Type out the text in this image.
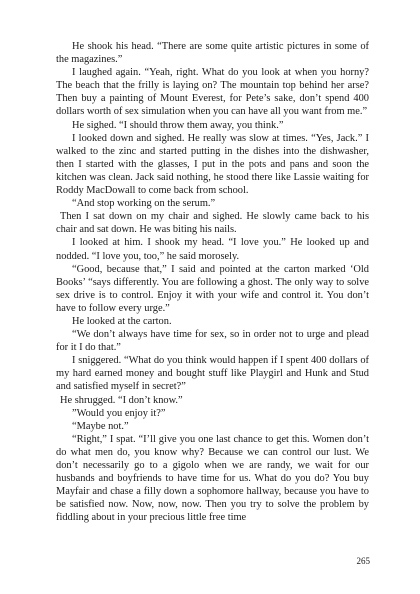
He shook his head. “There are some quite artistic pictures in some of the magazines.”

I laughed again. “Yeah, right. What do you look at when you horny? The beach that the frilly is laying on? The mountain top behind her arse? Then buy a painting of Mount Everest, for Pete’s sake, don’t spend 400 dollars worth of sex simulation when you can have all you want from me.”

He sighed. “I should throw them away, you think.”

I looked down and sighed. He really was slow at times. “Yes, Jack.” I walked to the zinc and started putting in the dishes into the dishwasher, then I started with the glasses, I put in the pots and pans and soon the kitchen was clean. Jack said nothing, he stood there like Lassie waiting for Roddy MacDowall to come back from school.

“And stop working on the serum.”

Then I sat down on my chair and sighed. He slowly came back to his chair and sat down. He was biting his nails.

I looked at him. I shook my head. “I love you.” He looked up and nodded. “I love you, too,” he said morosely.

“Good, because that,” I said and pointed at the carton marked ‘Old Books’ “says differently. You are following a ghost. The only way to solve sex drive is to control. Enjoy it with your wife and control it. You don’t have to follow every urge.”

He looked at the carton.

“We don’t always have time for sex, so in order not to urge and plead for it I do that.”

I sniggered. “What do you think would happen if I spent 400 dollars of my hard earned money and bought stuff like Playgirl and Hunk and Stud and satisfied myself in secret?”

He shrugged. “I don’t know.”

”Would you enjoy it?”

“Maybe not.”

“Right,” I spat. “I’ll give you one last chance to get this. Women don’t do what men do, you know why? Because we can control our lust. We don’t necessarily go to a gigolo when we are randy, we wait for our husbands and boyfriends to have time for us. What do you do? You buy Mayfair and chase a filly down a sophomore hallway, because you have to be satisfied now. Now, now, now. Then you try to solve the problem by fiddling about in your precious little free time

265
